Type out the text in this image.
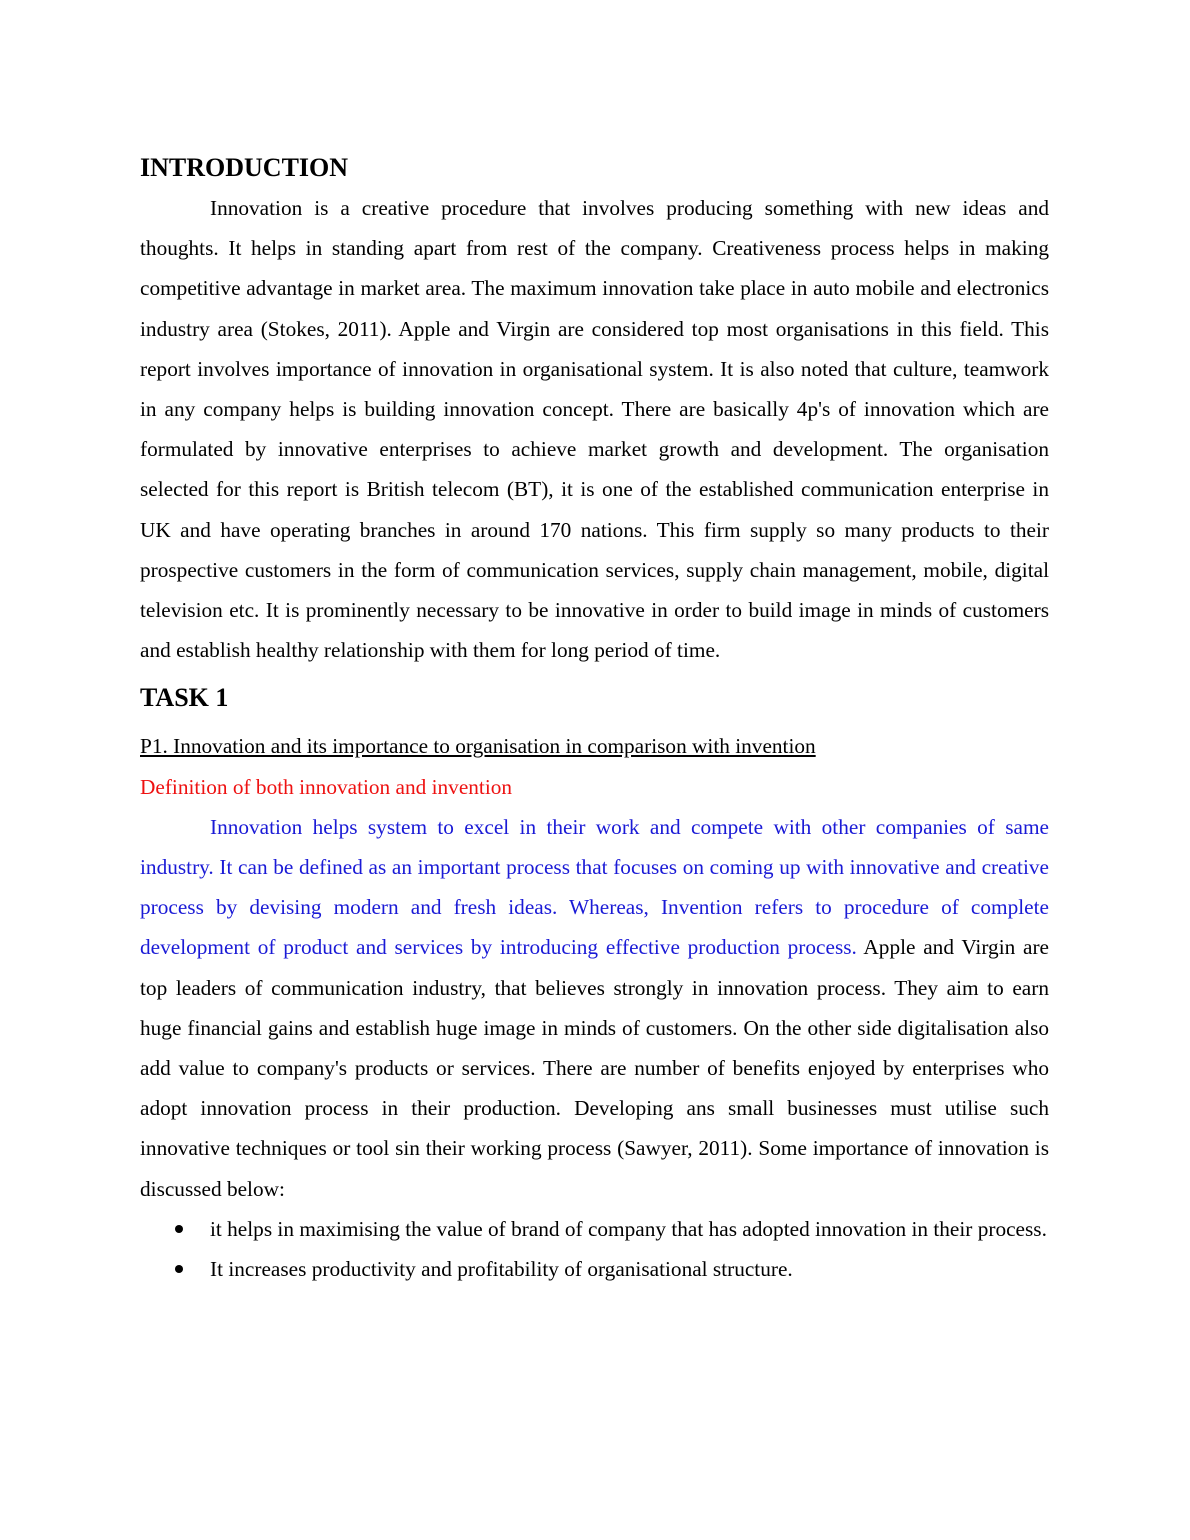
INTRODUCTION

Innovation is a creative procedure that involves producing something with new ideas and thoughts. It helps in standing apart from rest of the company. Creativeness process helps in making competitive advantage in market area. The maximum innovation take place in auto mobile and electronics industry area (Stokes, 2011). Apple and Virgin are considered top most organisations in this field. This report involves importance of innovation in organisational system. It is also noted that culture, teamwork in any company helps is building innovation concept. There are basically 4p's of innovation which are formulated by innovative enterprises to achieve market growth and development. The organisation selected for this report is British telecom (BT), it is one of the established communication enterprise in UK and have operating branches in around 170 nations. This firm supply so many products to their prospective customers in the form of communication services, supply chain management, mobile, digital television etc. It is prominently necessary to be innovative in order to build image in minds of customers and establish healthy relationship with them for long period of time.

TASK 1

P1. Innovation and its importance to organisation in comparison with invention

Definition of both innovation and invention

Innovation helps system to excel in their work and compete with other companies of same industry. It can be defined as an important process that focuses on coming up with innovative and creative process by devising modern and fresh ideas. Whereas, Invention refers to procedure of complete development of product and services by introducing effective production process. Apple and Virgin are top leaders of communication industry, that believes strongly in innovation process. They aim to earn huge financial gains and establish huge image in minds of customers. On the other side digitalisation also add value to company's products or services. There are number of benefits enjoyed by enterprises who adopt innovation process in their production. Developing ans small businesses must utilise such innovative techniques or tool sin their working process (Sawyer, 2011). Some importance of innovation is discussed below:

it helps in maximising the value of brand of company that has adopted innovation in their process.
It increases productivity and profitability of organisational structure.
